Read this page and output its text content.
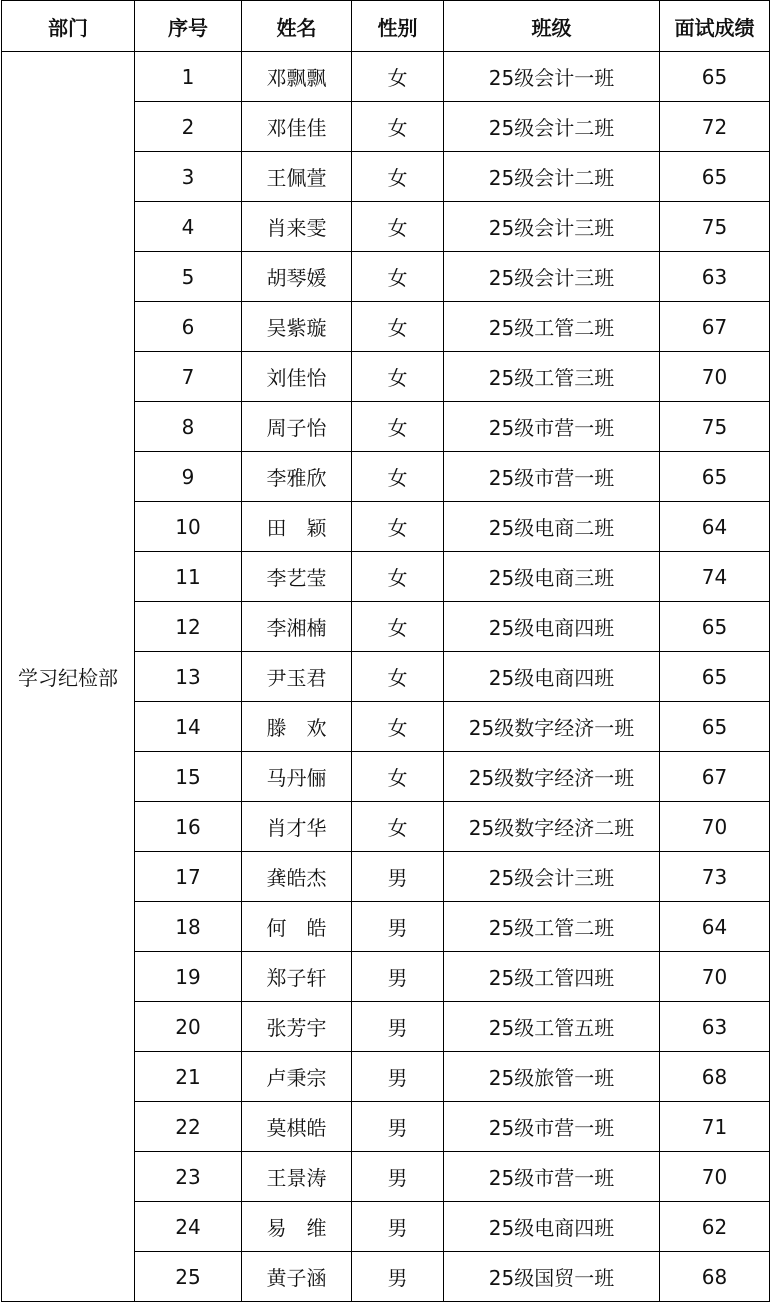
部门	序号	姓名	性别	班级	面试成绩
学习纪检部	1	邓飘飘	女	25级会计一班	65
	2	邓佳佳	女	25级会计二班	72
	3	王佩萱	女	25级会计二班	65
	4	肖来雯	女	25级会计三班	75
	5	胡琴媛	女	25级会计三班	63
	6	吴紫璇	女	25级工管二班	67
	7	刘佳怡	女	25级工管三班	70
	8	周子怡	女	25级市营一班	75
	9	李雅欣	女	25级市营一班	65
	10	田　颖	女	25级电商二班	64
	11	李艺莹	女	25级电商三班	74
	12	李湘楠	女	25级电商四班	65
	13	尹玉君	女	25级电商四班	65
	14	滕　欢	女	25级数字经济一班	65
	15	马丹俪	女	25级数字经济一班	67
	16	肖才华	女	25级数字经济二班	70
	17	龚皓杰	男	25级会计三班	73
	18	何　皓	男	25级工管二班	64
	19	郑子轩	男	25级工管四班	70
	20	张芳宇	男	25级工管五班	63
	21	卢秉宗	男	25级旅管一班	68
	22	莫棋皓	男	25级市营一班	71
	23	王景涛	男	25级市营一班	70
	24	易　维	男	25级电商四班	62
	25	黄子涵	男	25级国贸一班	68
